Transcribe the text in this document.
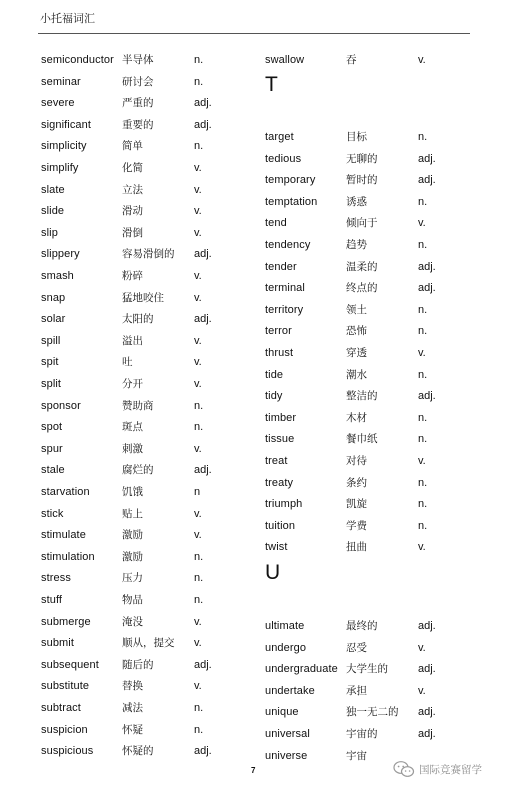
小托福词汇
7	国际竞赛留学
semiconductor 半导体	n.
seminar	研讨会	n.
severe	严重的	adj.
significant	重要的	adj.
simplicity	简单	n.
simplify	化简	v.
slate	立法	v.
slide	滑动	v.
slip	滑倒	v.
slippery	容易滑倒的 adj.
smash	粉碎	v.
snap	猛地咬住	v.
solar	太阳的	adj.
spill	溢出	v.
spit	吐	v.
split	分开	v.
sponsor	赞助商	n.
spot	斑点	n.
spur	刺激	v.
stale	腐烂的	adj.
starvation	饥饿	n
stick	贴上	v.
stimulate	激励	v.
stimulation	激励	n.
stress	压力	n.
stuff	物品	n.
submerge	淹没	v.
submit	顺从，提交 v.
subsequent 随后的	adj.
substitute	替换	v.
subtract	减法	n.
suspicion	怀疑	n.
suspicious	怀疑的	adj.
swallow	吞	v.
T
target	目标	n.
tedious	无聊的	adj.
temporary	暂时的	adj.
temptation	诱惑	n.
tend	倾向于	v.
tendency	趋势	n.
tender	温柔的	adj.
terminal	终点的	adj.
territory	领土	n.
terror	恐怖	n.
thrust	穿透	v.
tide	潮水	n.
tidy	整洁的	adj.
timber	木材	n.
tissue	餐巾纸	n.
treat	对待	v.
treaty	条约	n.
triumph	凯旋	n.
tuition	学费	n.
twist	扭曲	v.
U
ultimate	最终的	adj.
undergo	忍受	v.
undergraduate 大学生的	adj.
undertake	承担	v.
unique	独一无二的 adj.
universal	宇宙的	adj.
universe	宇宙
